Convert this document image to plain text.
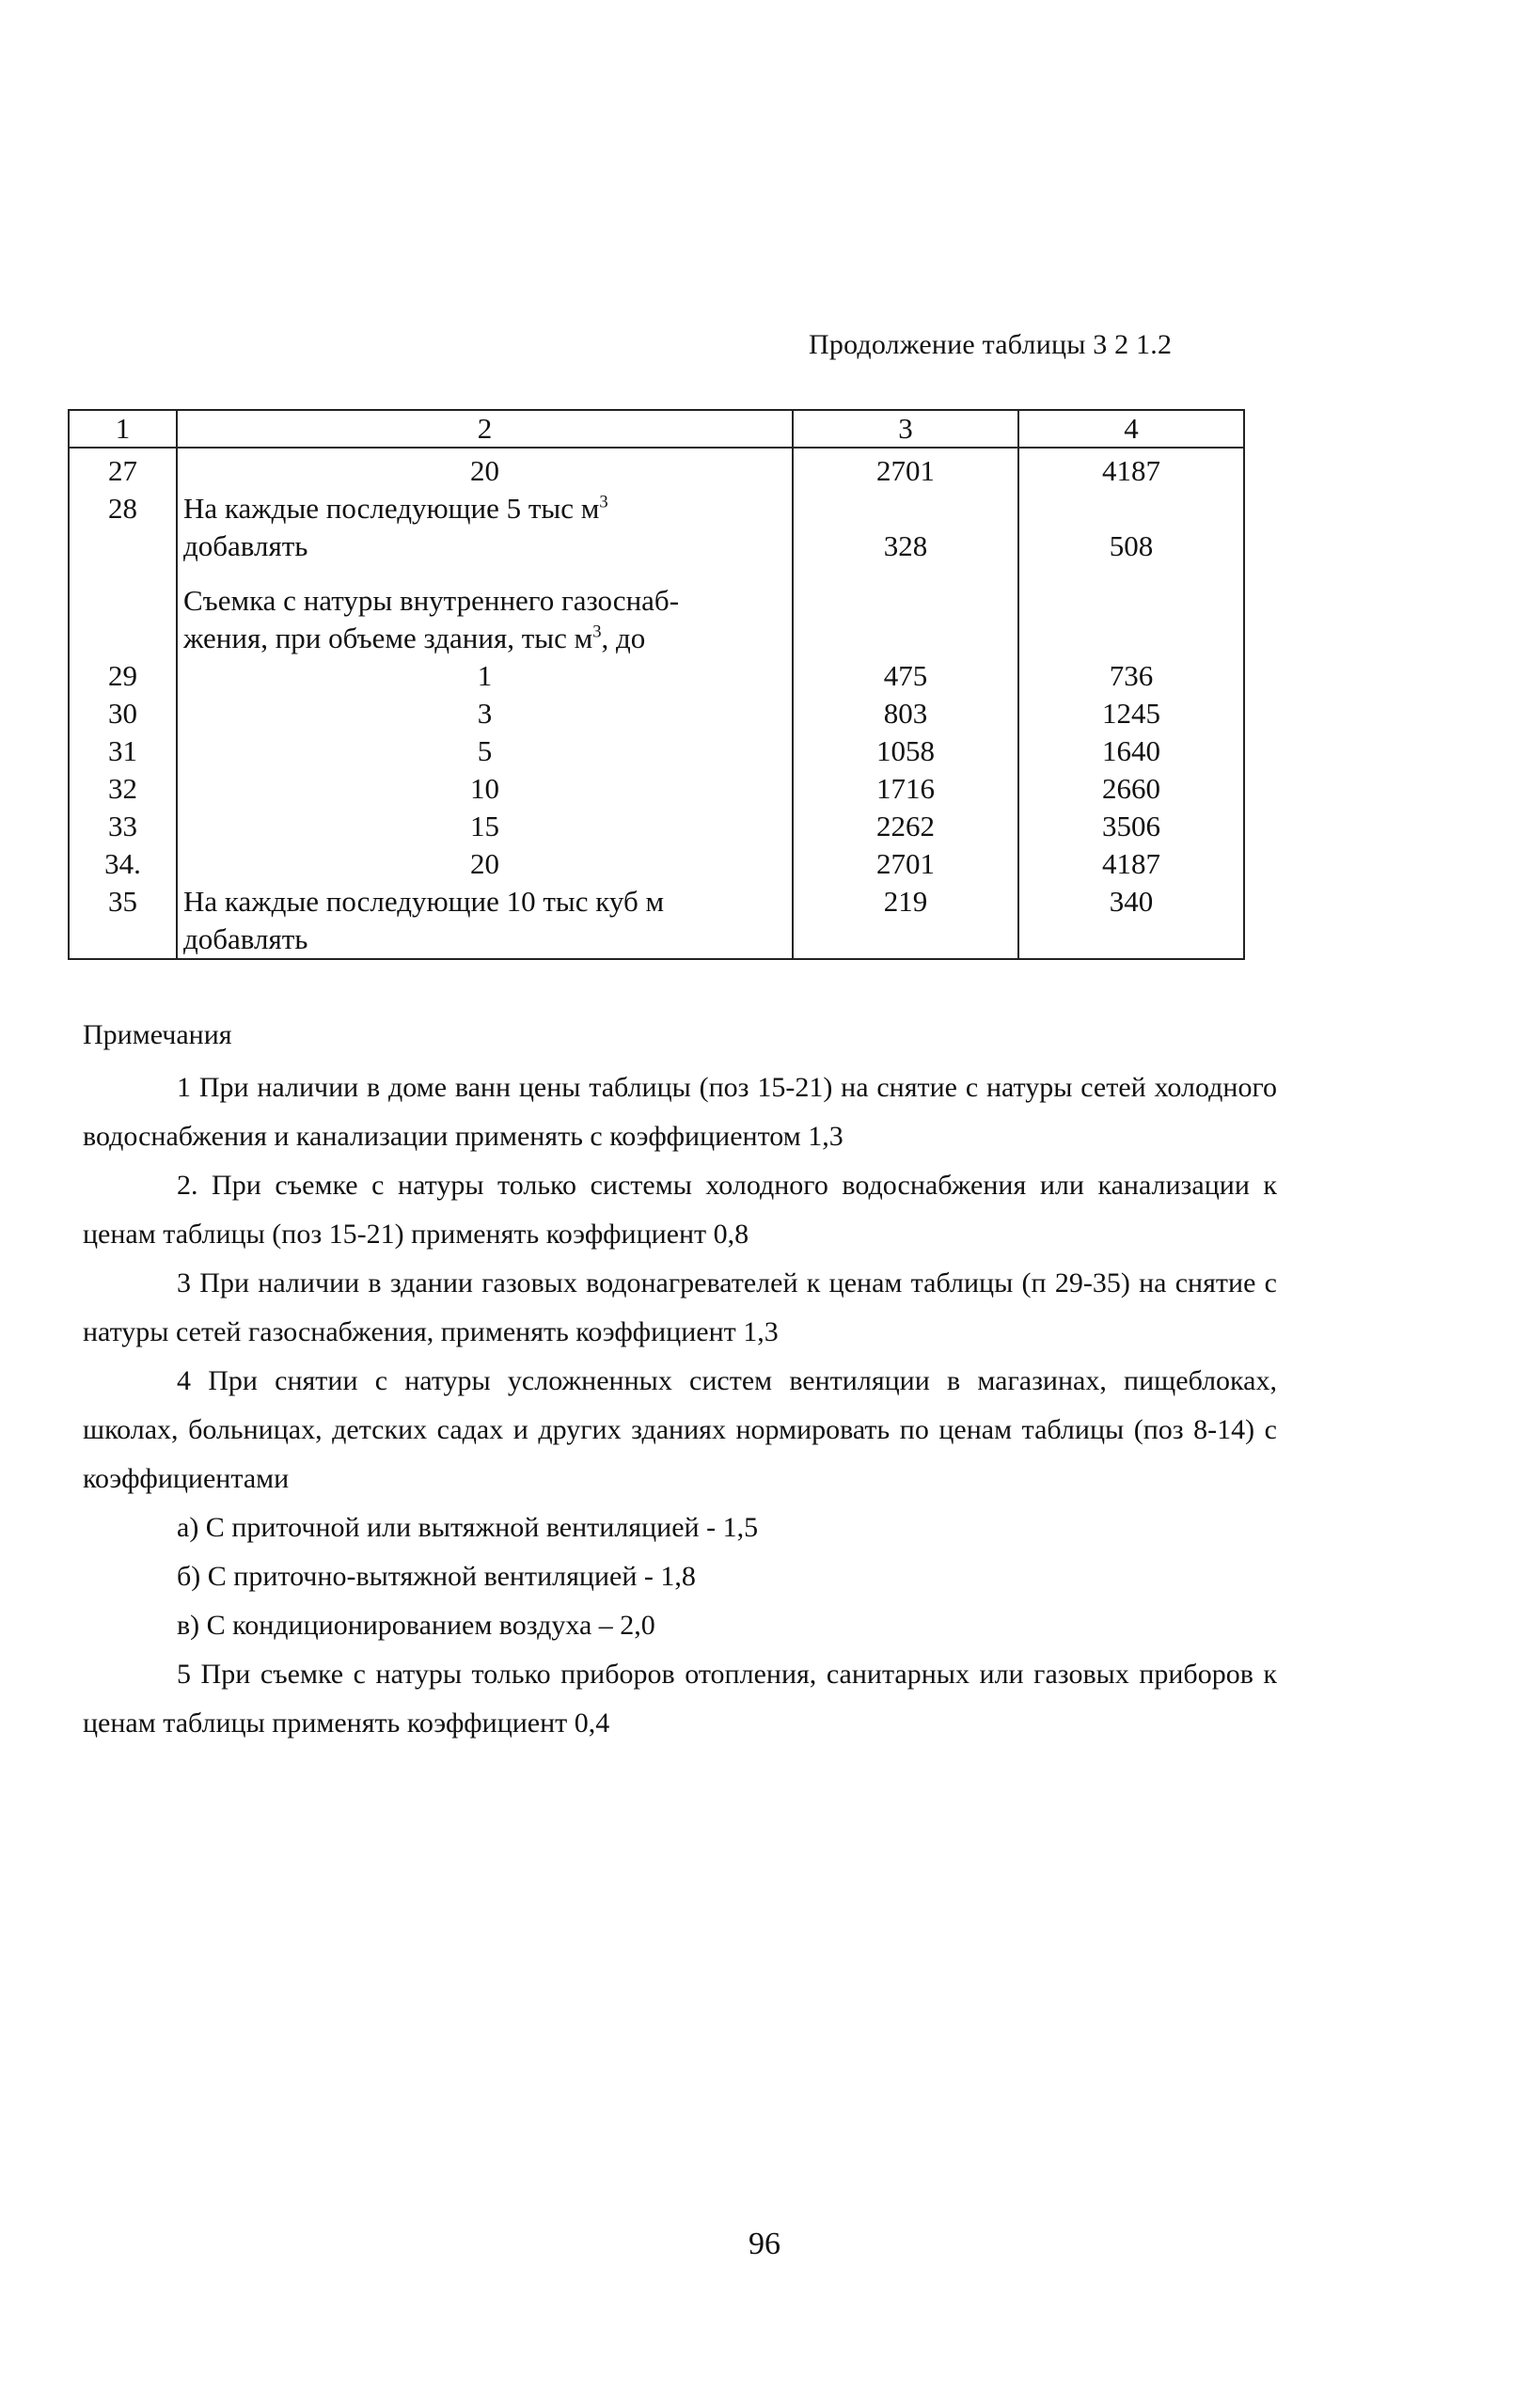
Продолжение таблицы 3 2 1.2
1	2	3	4
27	20	2701	4187
28	На каждые последующие 5 тыс $м^3$		
	добавлять	328	508

	Съемка с натуры внутреннего газоснаб-		
	жения, при объеме здания, тыс $м^3$, до		
29	1	475	736
30	3	803	1245
31	5	1058	1640
32	10	1716	2660
33	15	2262	3506
34.	20	2701	4187
35	На каждые последующие 10 тыс куб м	219	340
	добавлять		
Примечания

1 При наличии в доме ванн цены таблицы (поз 15-21) на снятие с натуры сетей холодного водоснабжения и канализации применять с коэффициентом 1,3

2. При съемке с натуры только системы холодного водоснабжения или канализации к ценам таблицы (поз 15-21) применять коэффициент 0,8

3 При наличии в здании газовых водонагревателей к ценам таблицы (п 29-35) на снятие с натуры сетей газоснабжения, применять коэффициент 1,3

4 При снятии с натуры усложненных систем вентиляции в магазинах, пищеблоках, школах, больницах, детских садах и других зданиях нормировать по ценам таблицы (поз 8-14) с коэффициентами

а) С приточной или вытяжной вентиляцией - 1,5

б) С приточно-вытяжной вентиляцией - 1,8

в) С кондиционированием воздуха – 2,0

5 При съемке с натуры только приборов отопления, санитарных или газовых приборов к ценам таблицы применять коэффициент 0,4

96
